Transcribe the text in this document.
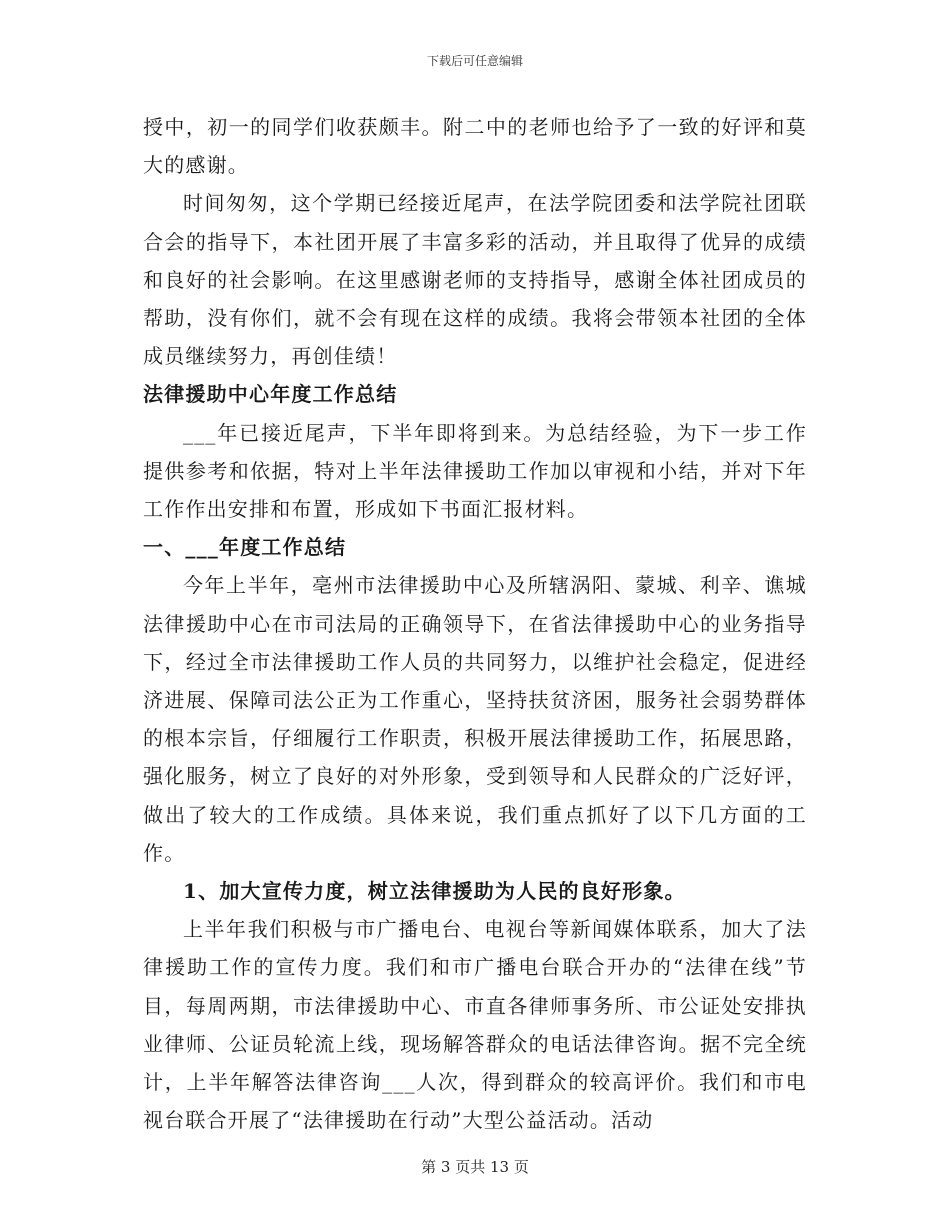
下载后可任意编辑

授中，初一的同学们收获颇丰。附二中的老师也给予了一致的好评和莫大的感谢。

时间匆匆，这个学期已经接近尾声，在法学院团委和法学院社团联合会的指导下，本社团开展了丰富多彩的活动，并且取得了优异的成绩和良好的社会影响。在这里感谢老师的支持指导，感谢全体社团成员的帮助，没有你们，就不会有现在这样的成绩。我将会带领本社团的全体成员继续努力，再创佳绩！

法律援助中心年度工作总结

___年已接近尾声，下半年即将到来。为总结经验，为下一步工作提供参考和依据，特对上半年法律援助工作加以审视和小结，并对下年工作作出安排和布置，形成如下书面汇报材料。

一、___年度工作总结

今年上半年，亳州市法律援助中心及所辖涡阳、蒙城、利辛、谯城法律援助中心在市司法局的正确领导下，在省法律援助中心的业务指导下，经过全市法律援助工作人员的共同努力，以维护社会稳定，促进经济进展、保障司法公正为工作重心，坚持扶贫济困，服务社会弱势群体的根本宗旨，仔细履行工作职责，积极开展法律援助工作，拓展思路，强化服务，树立了良好的对外形象，受到领导和人民群众的广泛好评，做出了较大的工作成绩。具体来说，我们重点抓好了以下几方面的工作。

1、加大宣传力度，树立法律援助为人民的良好形象。

上半年我们积极与市广播电台、电视台等新闻媒体联系，加大了法律援助工作的宣传力度。我们和市广播电台联合开办的“法律在线”节目，每周两期，市法律援助中心、市直各律师事务所、市公证处安排执业律师、公证员轮流上线，现场解答群众的电话法律咨询。据不完全统计，上半年解答法律咨询___人次，得到群众的较高评价。我们和市电视台联合开展了“法律援助在行动”大型公益活动。活动

第 3 页共 13 页
